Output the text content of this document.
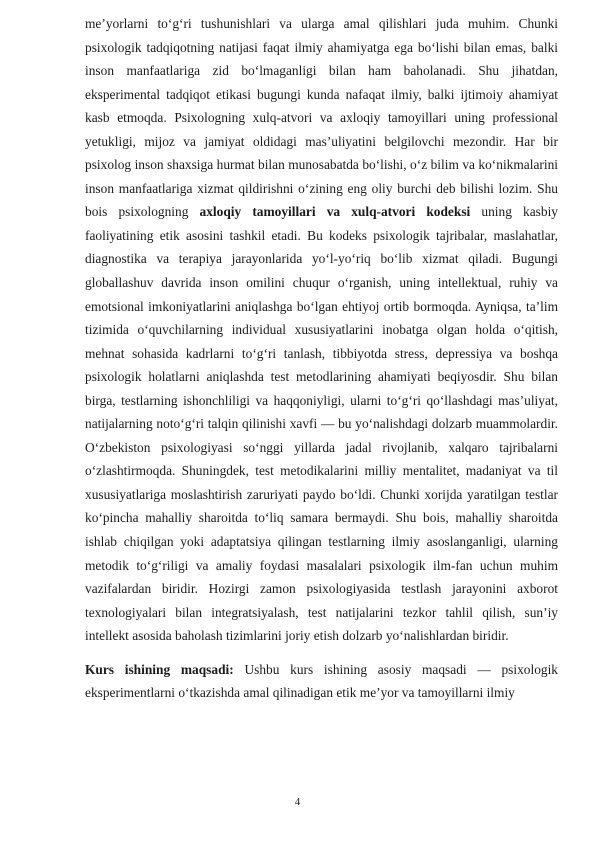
me’yorlarni to‘g‘ri tushunishlari va ularga amal qilishlari juda muhim. Chunki psixologik tadqiqotning natijasi faqat ilmiy ahamiyatga ega bo‘lishi bilan emas, balki inson manfaatlariga zid bo‘lmaganligi bilan ham baholanadi. Shu jihatdan, eksperimental tadqiqot etikasi bugungi kunda nafaqat ilmiy, balki ijtimoiy ahamiyat kasb etmoqda. Psixologning xulq-atvori va axloqiy tamoyillari uning professional yetukligi, mijoz va jamiyat oldidagi mas’uliyatini belgilovchi mezondir. Har bir psixolog inson shaxsiga hurmat bilan munosabatda bo‘lishi, o‘z bilim va ko‘nikmalarini inson manfaatlariga xizmat qildirishni o‘zining eng oliy burchi deb bilishi lozim. Shu bois psixologning axloqiy tamoyillari va xulq-atvori kodeksi uning kasbiy faoliyatining etik asosini tashkil etadi. Bu kodeks psixologik tajribalar, maslahatlar, diagnostika va terapiya jarayonlarida yo‘l-yo‘riq bo‘lib xizmat qiladi. Bugungi globallashuv davrida inson omilini chuqur o‘rganish, uning intellektual, ruhiy va emotsional imkoniyatlarini aniqlashga bo‘lgan ehtiyoj ortib bormoqda. Ayniqsa, ta’lim tizimida o‘quvchilarning individual xususiyatlarini inobatga olgan holda o‘qitish, mehnat sohasida kadrlarni to‘g‘ri tanlash, tibbiyotda stress, depressiya va boshqa psixologik holatlarni aniqlashda test metodlarining ahamiyati beqiyosdir. Shu bilan birga, testlarning ishonchliligi va haqqoniyligi, ularni to‘g‘ri qo‘llashdagi mas’uliyat, natijalarning noto‘g‘ri talqin qilinishi xavfi — bu yo‘nalishdagi dolzarb muammolardir. O‘zbekiston psixologiyasi so‘nggi yillarda jadal rivojlanib, xalqaro tajribalarni o‘zlashtirmoqda. Shuningdek, test metodikalarini milliy mentalitet, madaniyat va til xususiyatlariga moslashtirish zaruriyati paydo bo‘ldi. Chunki xorijda yaratilgan testlar ko‘pincha mahalliy sharoitda to‘liq samara bermaydi. Shu bois, mahalliy sharoitda ishlab chiqilgan yoki adaptatsiya qilingan testlarning ilmiy asoslanganligi, ularning metodik to‘g‘riligi va amaliy foydasi masalalari psixologik ilm-fan uchun muhim vazifalardan biridir. Hozirgi zamon psixologiyasida testlash jarayonini axborot texnologiyalari bilan integratsiyalash, test natijalarini tezkor tahlil qilish, sun’iy intellekt asosida baholash tizimlarini joriy etish dolzarb yo‘nalishlardan biridir.

Kurs ishining maqsadi: Ushbu kurs ishining asosiy maqsadi — psixologik eksperimentlarni o‘tkazishda amal qilinadigan etik me’yor va tamoyillarni ilmiy

4
